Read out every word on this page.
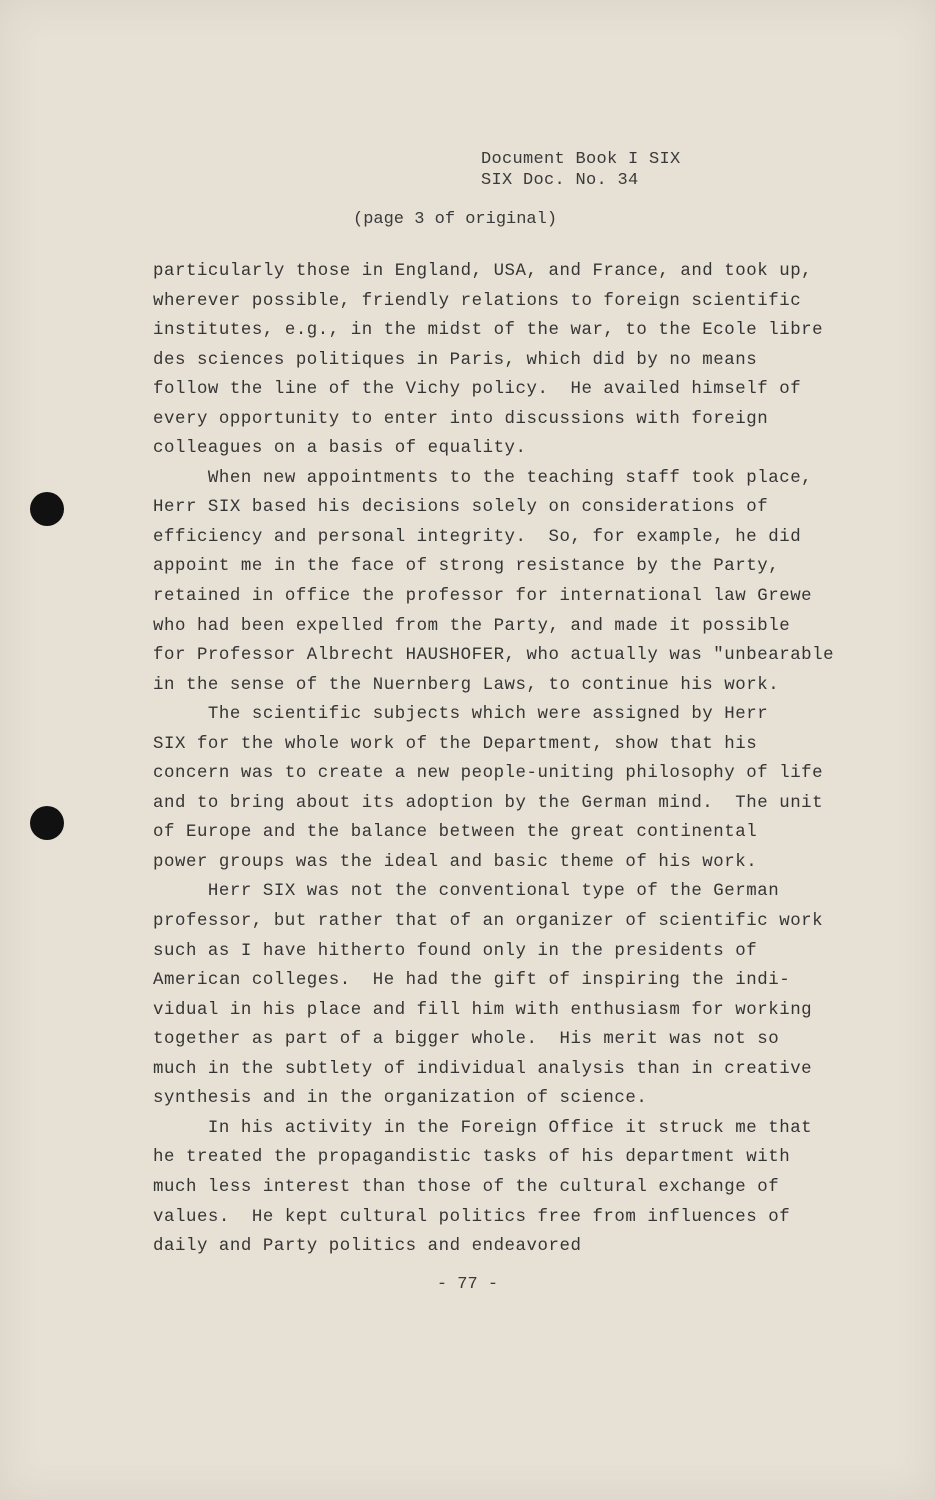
Document Book I SIX
SIX Doc. No. 34
(page 3 of original)
particularly those in England, USA, and France, and took up,
wherever possible, friendly relations to foreign scientific
institutes, e.g., in the midst of the war, to the Ecole libre
des sciences politiques in Paris, which did by no means
follow the line of the Vichy policy.  He availed himself of
every opportunity to enter into discussions with foreign
colleagues on a basis of equality.
When new appointments to the teaching staff took place,
Herr SIX based his decisions solely on considerations of
efficiency and personal integrity.  So, for example, he did
appoint me in the face of strong resistance by the Party,
retained in office the professor for international law Grewe
who had been expelled from the Party, and made it possible
for Professor Albrecht HAUSHOFER, who actually was "unbearable
in the sense of the Nuernberg Laws, to continue his work.
The scientific subjects which were assigned by Herr
SIX for the whole work of the Department, show that his
concern was to create a new people-uniting philosophy of life
and to bring about its adoption by the German mind.  The unit
of Europe and the balance between the great continental
power groups was the ideal and basic theme of his work.
Herr SIX was not the conventional type of the German
professor, but rather that of an organizer of scientific work
such as I have hitherto found only in the presidents of
American colleges.  He had the gift of inspiring the indi-
vidual in his place and fill him with enthusiasm for working
together as part of a bigger whole.  His merit was not so
much in the subtlety of individual analysis than in creative
synthesis and in the organization of science.
In his activity in the Foreign Office it struck me that
he treated the propagandistic tasks of his department with
much less interest than those of the cultural exchange of
values.  He kept cultural politics free from influences of
daily and Party politics and endeavored
- 77 -
